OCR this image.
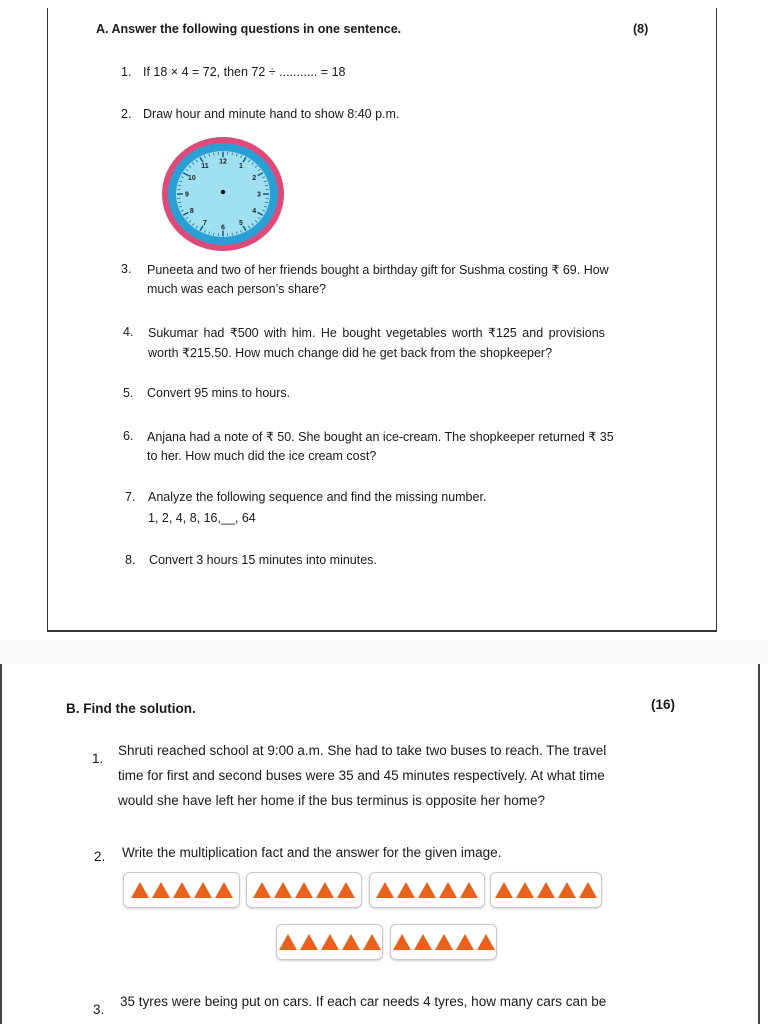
A. Answer the following questions in one sentence.	(8)
1. If 18 × 4 = 72, then 72 ÷ ........... = 18
2. Draw hour and minute hand to show 8:40 p.m.
12
1
2
3
4
5
6
7
8
9
10
11
3. Puneeta and two of her friends bought a birthday gift for Sushma costing ₹ 69. How
much was each person’s share?
4. Sukumar had ₹500 with him. He bought vegetables worth ₹125 and provisions
worth ₹215.50. How much change did he get back from the shopkeeper?
5. Convert 95 mins to hours.
6. Anjana had a note of ₹ 50. She bought an ice-cream. The shopkeeper returned ₹ 35
to her. How much did the ice cream cost?
7. Analyze the following sequence and find the missing number.
1, 2, 4, 8, 16,__, 64
8. Convert 3 hours 15 minutes into minutes.
B. Find the solution.	(16)
1.
Shruti reached school at 9:00 a.m. She had to take two buses to reach. The travel
time for first and second buses were 35 and 45 minutes respectively. At what time
would she have left her home if the bus terminus is opposite her home?
2. Write the multiplication fact and the answer for the given image.
3.
35 tyres were being put on cars. If each car needs 4 tyres, how many cars can be
